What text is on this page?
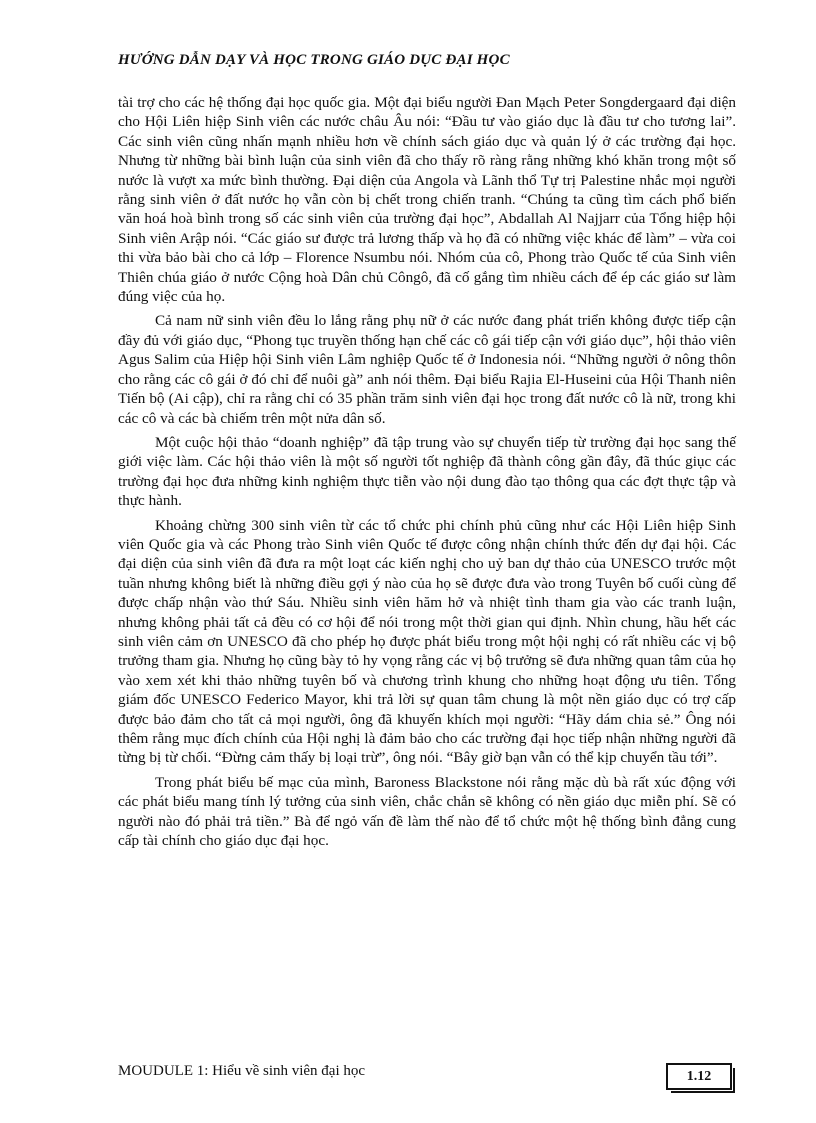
HƯỚNG DẪN DẠY VÀ HỌC TRONG GIÁO DỤC ĐẠI HỌC

tài trợ cho các hệ thống đại học quốc gia. Một đại biểu người Đan Mạch Peter Songdergaard đại diện cho Hội Liên hiệp Sinh viên các nước châu Âu nói: “Đầu tư vào giáo dục là đầu tư cho tương lai”. Các sinh viên cũng nhấn mạnh nhiều hơn về chính sách giáo dục và quản lý ở các trường đại học. Nhưng từ những bài bình luận của sinh viên đã cho thấy rõ ràng rằng những khó khăn trong một số nước là vượt xa mức bình thường. Đại diện của Angola và Lãnh thổ Tự trị Palestine nhắc mọi người rằng sinh viên ở đất nước họ vẫn còn bị chết trong chiến tranh. “Chúng ta cũng tìm cách phổ biến văn hoá hoà bình trong số các sinh viên của trường đại học”, Abdallah Al Najjarr của Tổng hiệp hội Sinh viên Arập nói. “Các giáo sư được trả lương thấp và họ đã có những việc khác để làm” – vừa coi thi vừa bảo bài cho cả lớp – Florence Nsumbu nói. Nhóm của cô, Phong trào Quốc tế của Sinh viên Thiên chúa giáo ở nước Cộng hoà Dân chủ Côngô, đã cố gắng tìm nhiều cách để ép các giáo sư làm đúng việc của họ.

Cả nam nữ sinh viên đều lo lắng rằng phụ nữ ở các nước đang phát triển không được tiếp cận đầy đủ với giáo dục, “Phong tục truyền thống hạn chế các cô gái tiếp cận với giáo dục”, hội thảo viên Agus Salim của Hiệp hội Sinh viên Lâm nghiệp Quốc tế ở Indonesia nói. “Những người ở nông thôn cho rằng các cô gái ở đó chỉ để nuôi gà” anh nói thêm. Đại biểu Rajia El-Huseini của Hội Thanh niên Tiến bộ (Ai cập), chỉ ra rằng chỉ có 35 phần trăm sinh viên đại học trong đất nước cô là nữ, trong khi các cô và các bà chiếm trên một nửa dân số.

Một cuộc hội thảo “doanh nghiệp” đã tập trung vào sự chuyển tiếp từ trường đại học sang thế giới việc làm. Các hội thảo viên là một số người tốt nghiệp đã thành công gần đây, đã thúc giục các trường đại học đưa những kinh nghiệm thực tiễn vào nội dung đào tạo thông qua các đợt thực tập và thực hành.

Khoảng chừng 300 sinh viên từ các tổ chức phi chính phủ cũng như các Hội Liên hiệp Sinh viên Quốc gia và các Phong trào Sinh viên Quốc tế được công nhận chính thức đến dự đại hội. Các đại diện của sinh viên đã đưa ra một loạt các kiến nghị cho uỷ ban dự thảo của UNESCO trước một tuần nhưng không biết là những điều gợi ý nào của họ sẽ được đưa vào trong Tuyên bố cuối cùng để được chấp nhận vào thứ Sáu. Nhiều sinh viên hăm hở và nhiệt tình tham gia vào các tranh luận, nhưng không phải tất cả đều có cơ hội để nói trong một thời gian qui định. Nhìn chung, hầu hết các sinh viên cảm ơn UNESCO đã cho phép họ được phát biểu trong một hội nghị có rất nhiều các vị bộ trưởng tham gia. Nhưng họ cũng bày tỏ hy vọng rằng các vị bộ trưởng sẽ đưa những quan tâm của họ vào xem xét khi thảo những tuyên bố và chương trình khung cho những hoạt động ưu tiên. Tổng giám đốc UNESCO Federico Mayor, khi trả lời sự quan tâm chung là một nền giáo dục có trợ cấp được bảo đảm cho tất cả mọi người, ông đã khuyến khích mọi người: “Hãy dám chia sẻ.” Ông nói thêm rằng mục đích chính của Hội nghị là đảm bảo cho các trường đại học tiếp nhận những người đã từng bị từ chối. “Đừng cảm thấy bị loại trừ”, ông nói. “Bây giờ bạn vẫn có thể kịp chuyển tầu tới”.

Trong phát biểu bế mạc của mình, Baroness Blackstone nói rằng mặc dù bà rất xúc động với các phát biểu mang tính lý tưởng của sinh viên, chắc chắn sẽ không có nền giáo dục miễn phí. Sẽ có người nào đó phải trả tiền.” Bà để ngỏ vấn đề làm thế nào để tổ chức một hệ thống bình đẳng cung cấp tài chính cho giáo dục đại học.

MOUDULE 1: Hiểu về sinh viên đại học	1.12
